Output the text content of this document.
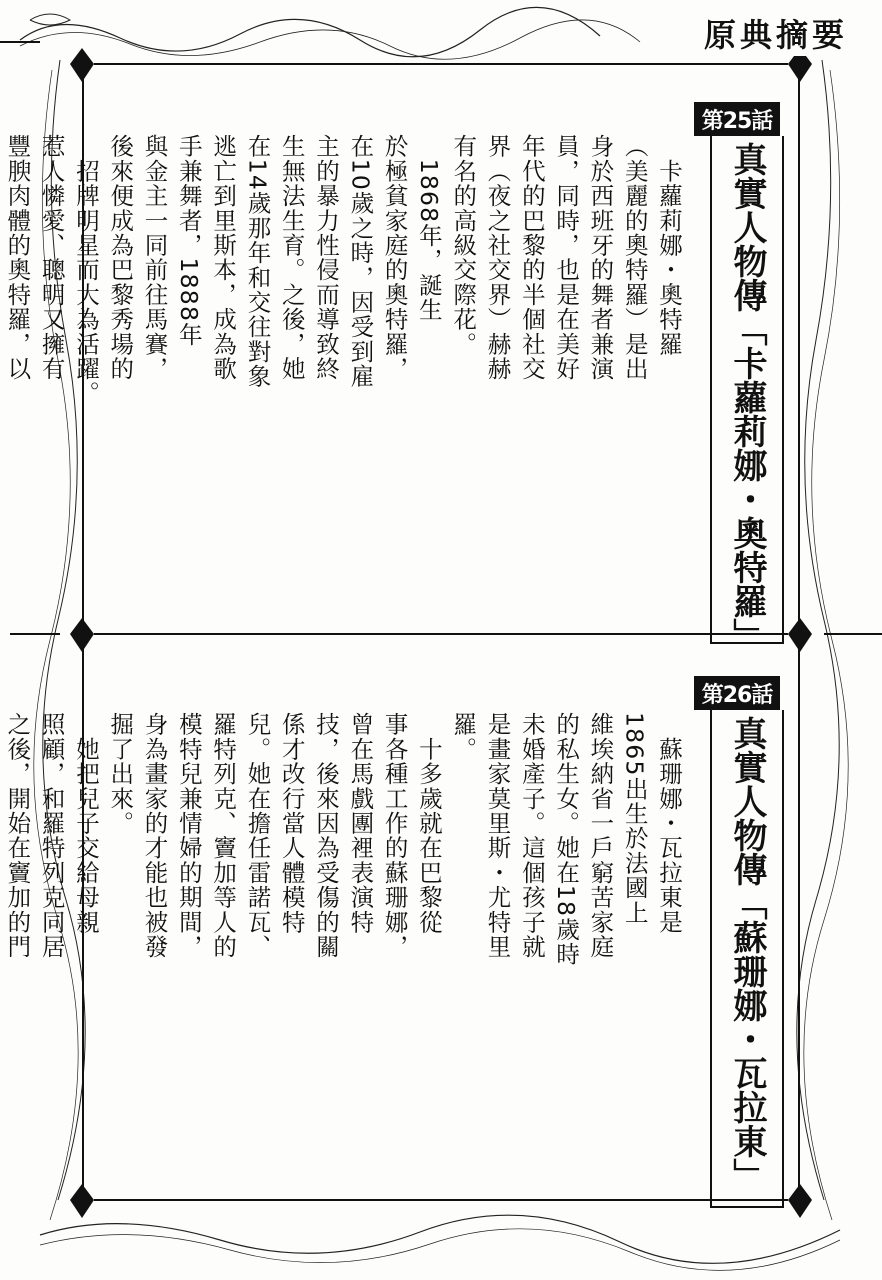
原典摘要
第25話
真實人物傳「卡蘿莉娜・奧特羅」
　卡蘿莉娜・奧特羅
（美麗的奧特羅）是出
身於西班牙的舞者兼演
員，同時，也是在美好
年代的巴黎的半個社交
界（夜之社交界）赫赫
有名的高級交際花。
　1868年，誕生
於極貧家庭的奧特羅，
在10歲之時，因受到雇
主的暴力性侵而導致終
生無法生育。之後，她
在14歲那年和交往對象
逃亡到里斯本，成為歌
手兼舞者，1888年
與金主一同前往馬賽，
後來便成為巴黎秀場的
　招牌明星而大為活躍。
惹人憐愛、聰明又擁有
豐腴肉體的奧特羅，以

第26話
真實人物傳「蘇珊娜・瓦拉東」
　蘇珊娜・瓦拉東是
1865出生於法國上
維埃納省一戶窮苦家庭
的私生女。她在18歲時
未婚產子。這個孩子就
是畫家莫里斯・尤特里
羅。
　十多歲就在巴黎從
事各種工作的蘇珊娜，
曾在馬戲團裡表演特
技，後來因為受傷的關
係才改行當人體模特
兒。她在擔任雷諾瓦、
羅特列克、竇加等人的
模特兒兼情婦的期間，
身為畫家的才能也被發
掘了出來。
　她把兒子交給母親
照顧，和羅特列克同居
之後，開始在竇加的門
